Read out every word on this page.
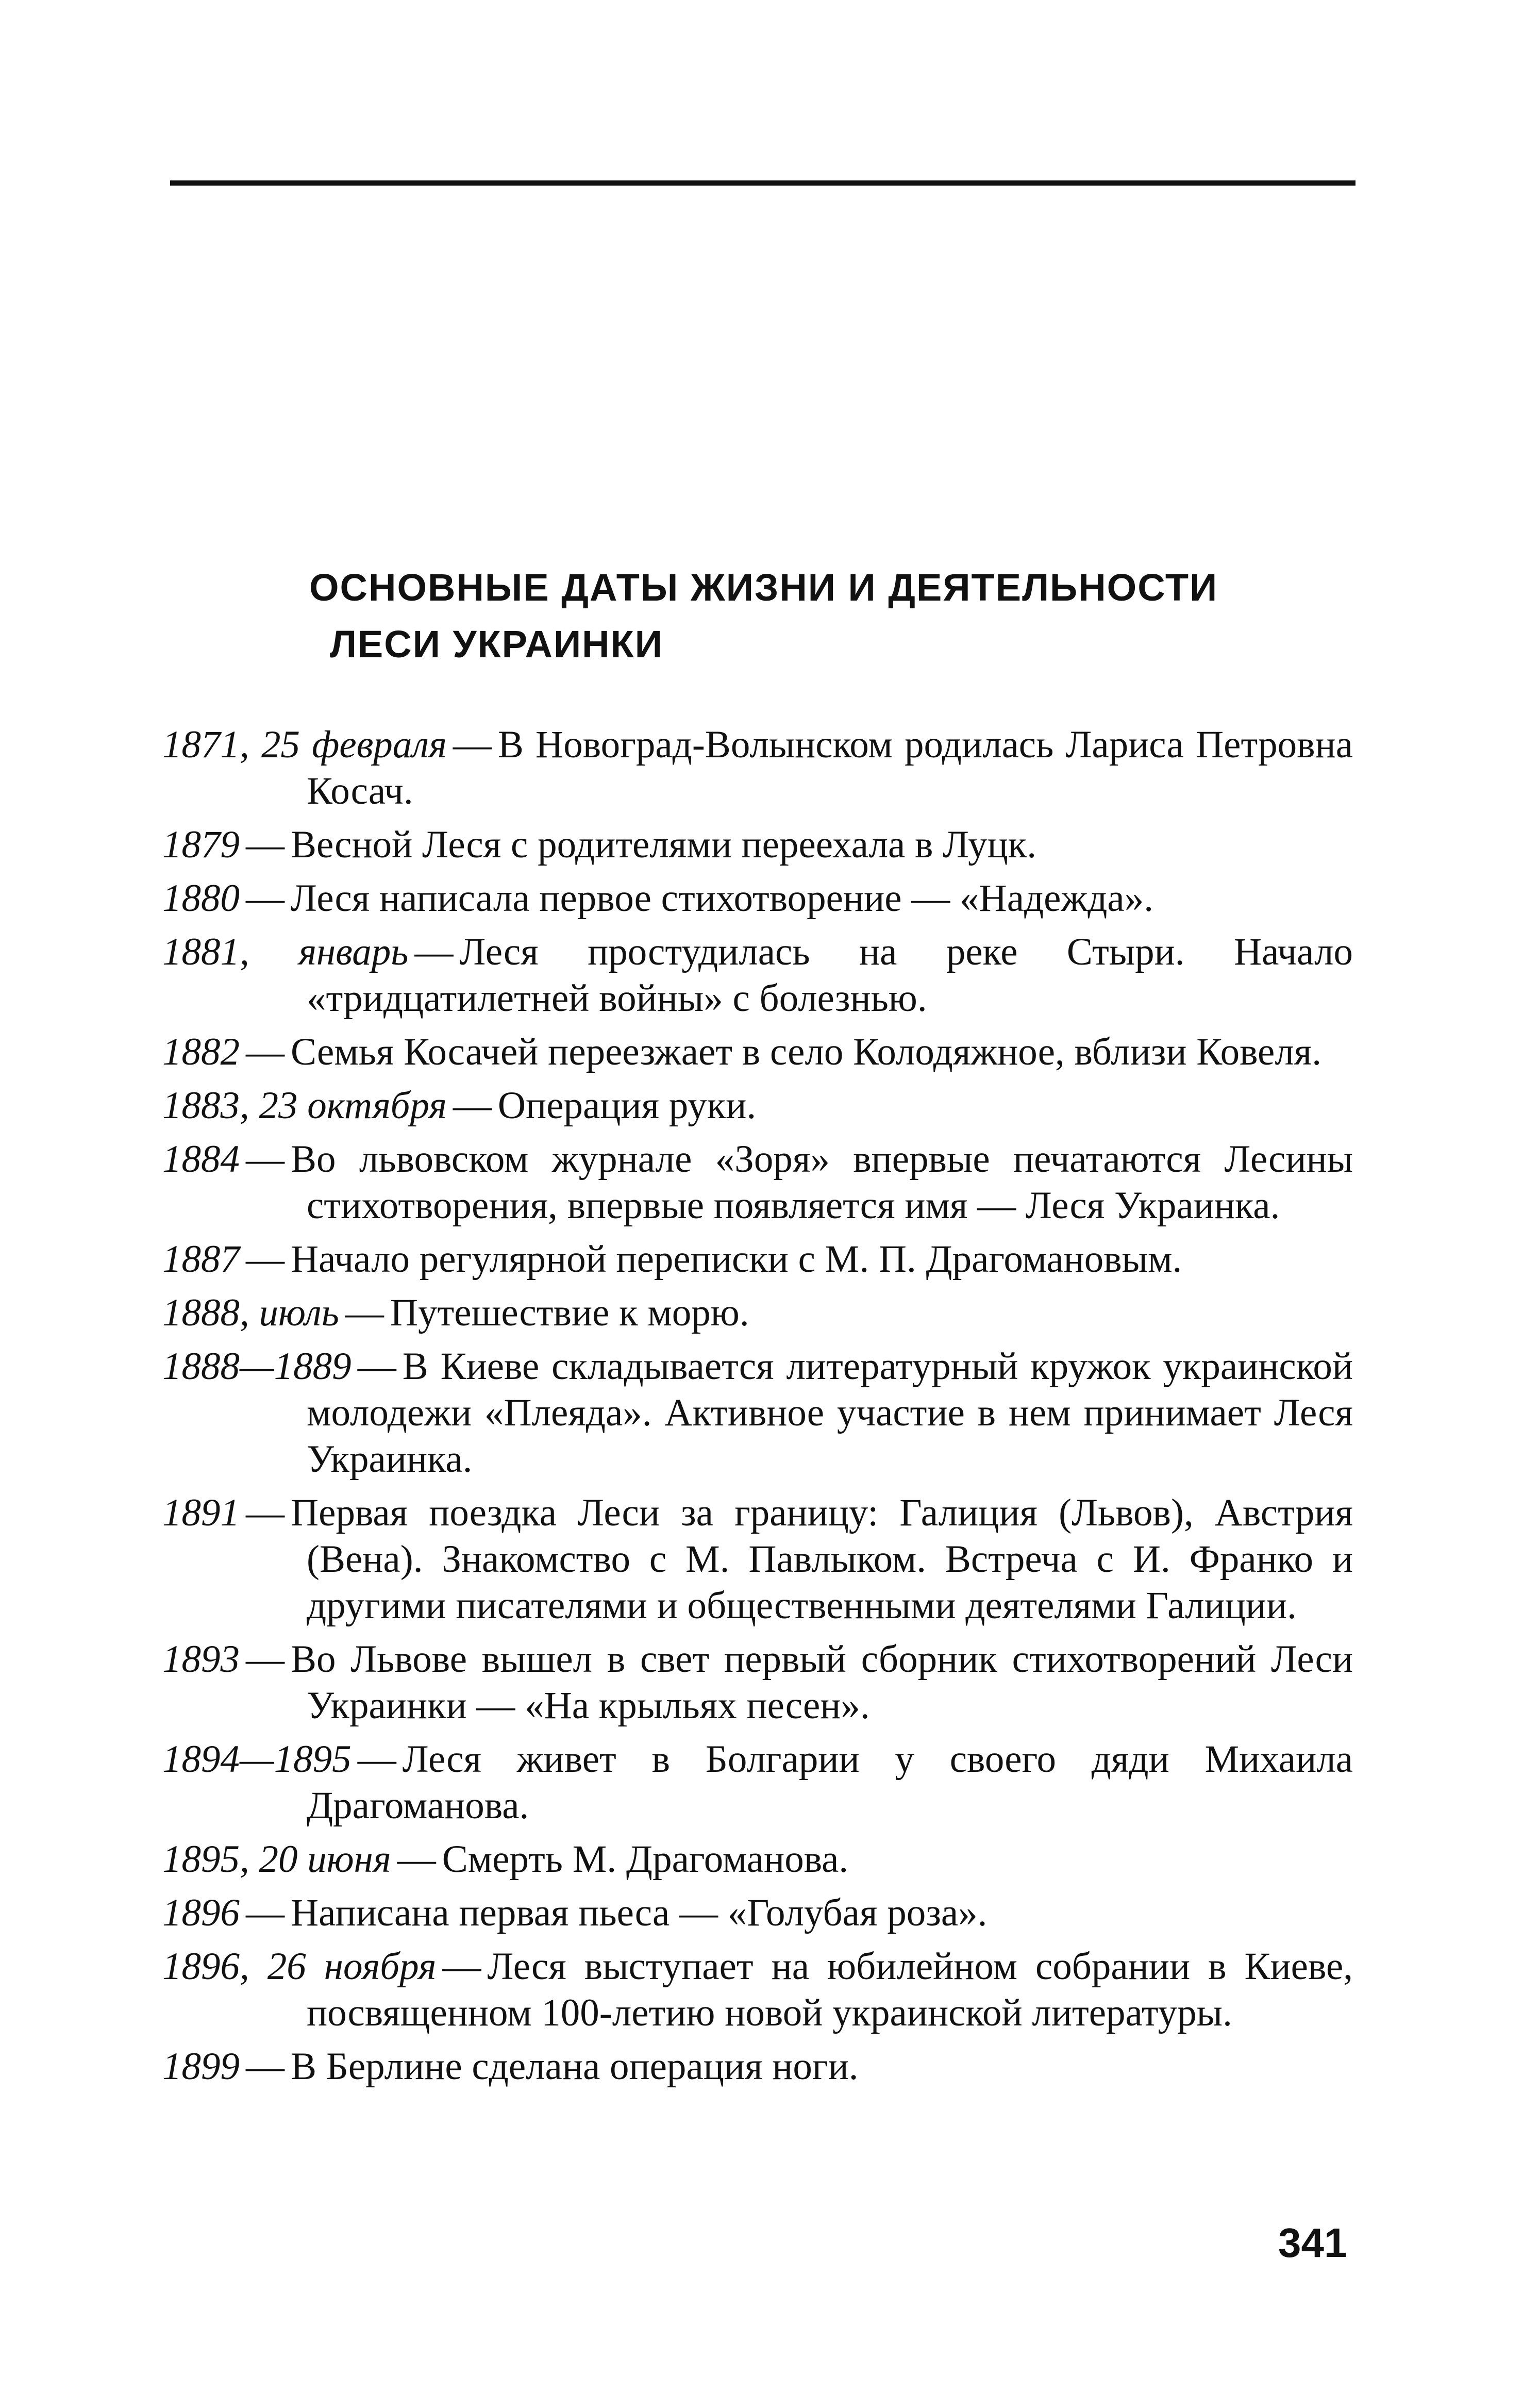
ОСНОВНЫЕ ДАТЫ ЖИЗНИ И ДЕЯТЕЛЬНОСТИ
ЛЕСИ УКРАИНКИ

1871, 25 февраля — В Новоград-Волынском родилась Лариса Петровна Косач.

1879 — Весной Леся с родителями переехала в Луцк.

1880 — Леся написала первое стихотворение — «Надежда».

1881, январь — Леся простудилась на реке Стыри. Начало «тридцатилетней войны» с болезнью.

1882 — Семья Косачей переезжает в село Колодяжное, вблизи Ковеля.

1883, 23 октября — Операция руки.

1884 — Во львовском журнале «Зоря» впервые печатаются Лесины стихотворения, впервые появляется имя — Леся Украинка.

1887 — Начало регулярной переписки с М. П. Драгомановым.

1888, июль — Путешествие к морю.

1888—1889 — В Киеве складывается литературный кружок украинской молодежи «Плеяда». Активное участие в нем принимает Леся Украинка.

1891 — Первая поездка Леси за границу: Галиция (Львов), Австрия (Вена). Знакомство с М. Павлыком. Встреча с И. Франко и другими писателями и общественными деятелями Галиции.

1893 — Во Львове вышел в свет первый сборник стихотворений Леси Украинки — «На крыльях песен».

1894—1895 — Леся живет в Болгарии у своего дяди Михаила Драгоманова.

1895, 20 июня — Смерть М. Драгоманова.

1896 — Написана первая пьеса — «Голубая роза».

1896, 26 ноября — Леся выступает на юбилейном собрании в Киеве, посвященном 100-летию новой украинской литературы.

1899 — В Берлине сделана операция ноги.

341
